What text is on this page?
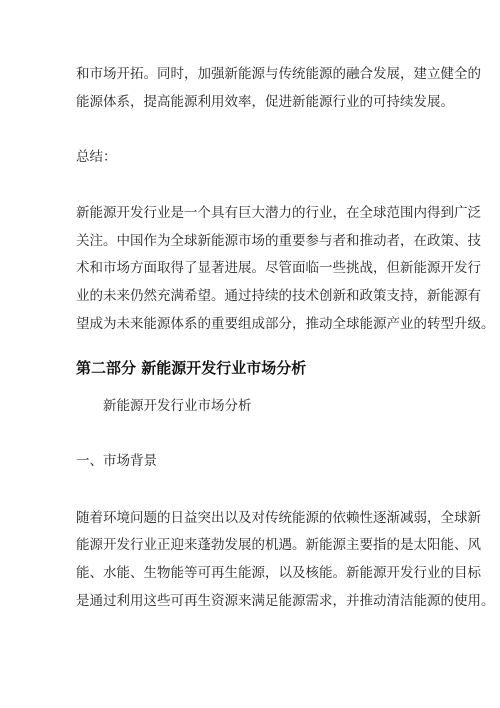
和市场开拓。同时，加强新能源与传统能源的融合发展，建立健全的
能源体系，提高能源利用效率，促进新能源行业的可持续发展。
总结：
新能源开发行业是一个具有巨大潜力的行业，在全球范围内得到广泛
关注。中国作为全球新能源市场的重要参与者和推动者，在政策、技
术和市场方面取得了显著进展。尽管面临一些挑战，但新能源开发行
业的未来仍然充满希望。通过持续的技术创新和政策支持，新能源有
望成为未来能源体系的重要组成部分，推动全球能源产业的转型升级。
第二部分 新能源开发行业市场分析
新能源开发行业市场分析
一、市场背景
随着环境问题的日益突出以及对传统能源的依赖性逐渐减弱，全球新
能源开发行业正迎来蓬勃发展的机遇。新能源主要指的是太阳能、风
能、水能、生物能等可再生能源，以及核能。新能源开发行业的目标
是通过利用这些可再生资源来满足能源需求，并推动清洁能源的使用。
